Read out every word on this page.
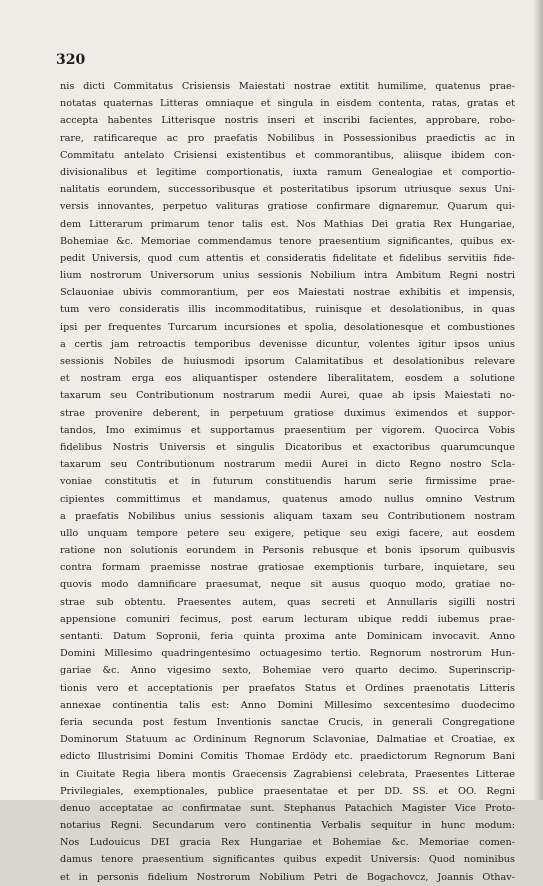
320
nis dicti Commitatus Crisiensis Maiestati nostrae extitit humilime, quatenus prae-
notatas quaternas Litteras omniaque et singula in eisdem contenta, ratas, gratas et
accepta habentes Litterisque nostris inseri et inscribi facientes, approbare, robo-
rare, ratificareque ac pro praefatis Nobilibus in Possessionibus praedictis ac in
Commitatu antelato Crisiensi existentibus et commorantibus, aliisque ibidem con-
divisionalibus et legitime comportionatis, iuxta ramum Genealogiae et comportio-
nalitatis eorundem, successoribusque et posteritatibus ipsorum utriusque sexus Uni-
versis innovantes, perpetuo valituras gratiose confirmare dignaremur. Quarum qui-
dem Litterarum primarum tenor talis est. Nos Mathias Dei gratia Rex Hungariae,
Bohemiae &c. Memoriae commendamus tenore praesentium significantes, quibus ex-
pedit Universis, quod cum attentis et consideratis fidelitate et fidelibus servitiis fide-
lium nostrorum Universorum unius sessionis Nobilium intra Ambitum Regni nostri
Sclauoniae ubivis commorantium, per eos Maiestati nostrae exhibitis et impensis,
tum vero consideratis illis incommoditatibus, ruinisque et desolationibus, in quas
ipsi per frequentes Turcarum incursiones et spolia, desolationesque et combustiones
a certis jam retroactis temporibus devenisse dicuntur, volentes igitur ipsos unius
sessionis Nobiles de huiusmodi ipsorum Calamitatibus et desolationibus relevare
et nostram erga eos aliquantisper ostendere liberalitatem, eosdem a solutione
taxarum seu Contributionum nostrarum medii Aurei, quae ab ipsis Maiestati no-
strae provenire deberent, in perpetuum gratiose duximus eximendos et suppor-
tandos, Imo eximimus et supportamus praesentium per vigorem. Quocirca Vobis
fidelibus Nostris Universis et singulis Dicatoribus et exactoribus quarumcunque
taxarum seu Contributionum nostrarum medii Aurei in dicto Regno nostro Scla-
voniae constitutis et in futurum constituendis harum serie firmissime prae-
cipientes committimus et mandamus, quatenus amodo nullus omnino Vestrum
a praefatis Nobilibus unius sessionis aliquam taxam seu Contributionem nostram
ullo unquam tempore petere seu exigere, petique seu exigi facere, aut eosdem
ratione non solutionis eorundem in Personis rebusque et bonis ipsorum quibusvis
contra formam praemisse nostrae gratiosae exemptionis turbare, inquietare, seu
quovis modo damnificare praesumat, neque sit ausus quoquo modo, gratiae no-
strae sub obtentu. Praesentes autem, quas secreti et Annullaris sigilli nostri
appensione comuniri fecimus, post earum lecturam ubique reddi iubemus prae-
sentanti. Datum Sopronii, feria quinta proxima ante Dominicam invocavit. Anno
Domini Millesimo quadringentesimo octuagesimo tertio. Regnorum nostrorum Hun-
gariae &c. Anno vigesimo sexto, Bohemiae vero quarto decimo. Superinscrip-
tionis vero et acceptationis per praefatos Status et Ordines praenotatis Litteris
annexae continentia talis est: Anno Domini Millesimo sexcentesimo duodecimo
feria secunda post festum Inventionis sanctae Crucis, in generali Congregatione
Dominorum Statuum ac Ordininum Regnorum Sclavoniae, Dalmatiae et Croatiae, ex
edicto Illustrisimi Domini Comitis Thomae Erdödy etc. praedictorum Regnorum Bani
in Ciuitate Regia libera montis Graecensis Zagrabiensi celebrata, Praesentes Litterae
Privilegiales, exemptionales, publice praesentatae et per DD. SS. et OO. Regni
denuo acceptatae ac confirmatae sunt. Stephanus Patachich Magister Vice Proto-
notarius Regni. Secundarum vero continentia Verbalis sequitur in hunc modum:
Nos Ludouicus DEI gracia Rex Hungariae et Bohemiae &c. Memoriae comen-
damus tenore praesentium significantes quibus expedit Universis: Quod nominibus
et in personis fidelium Nostrorum Nobilium Petri de Bogachovcz, Joannis Othav-
